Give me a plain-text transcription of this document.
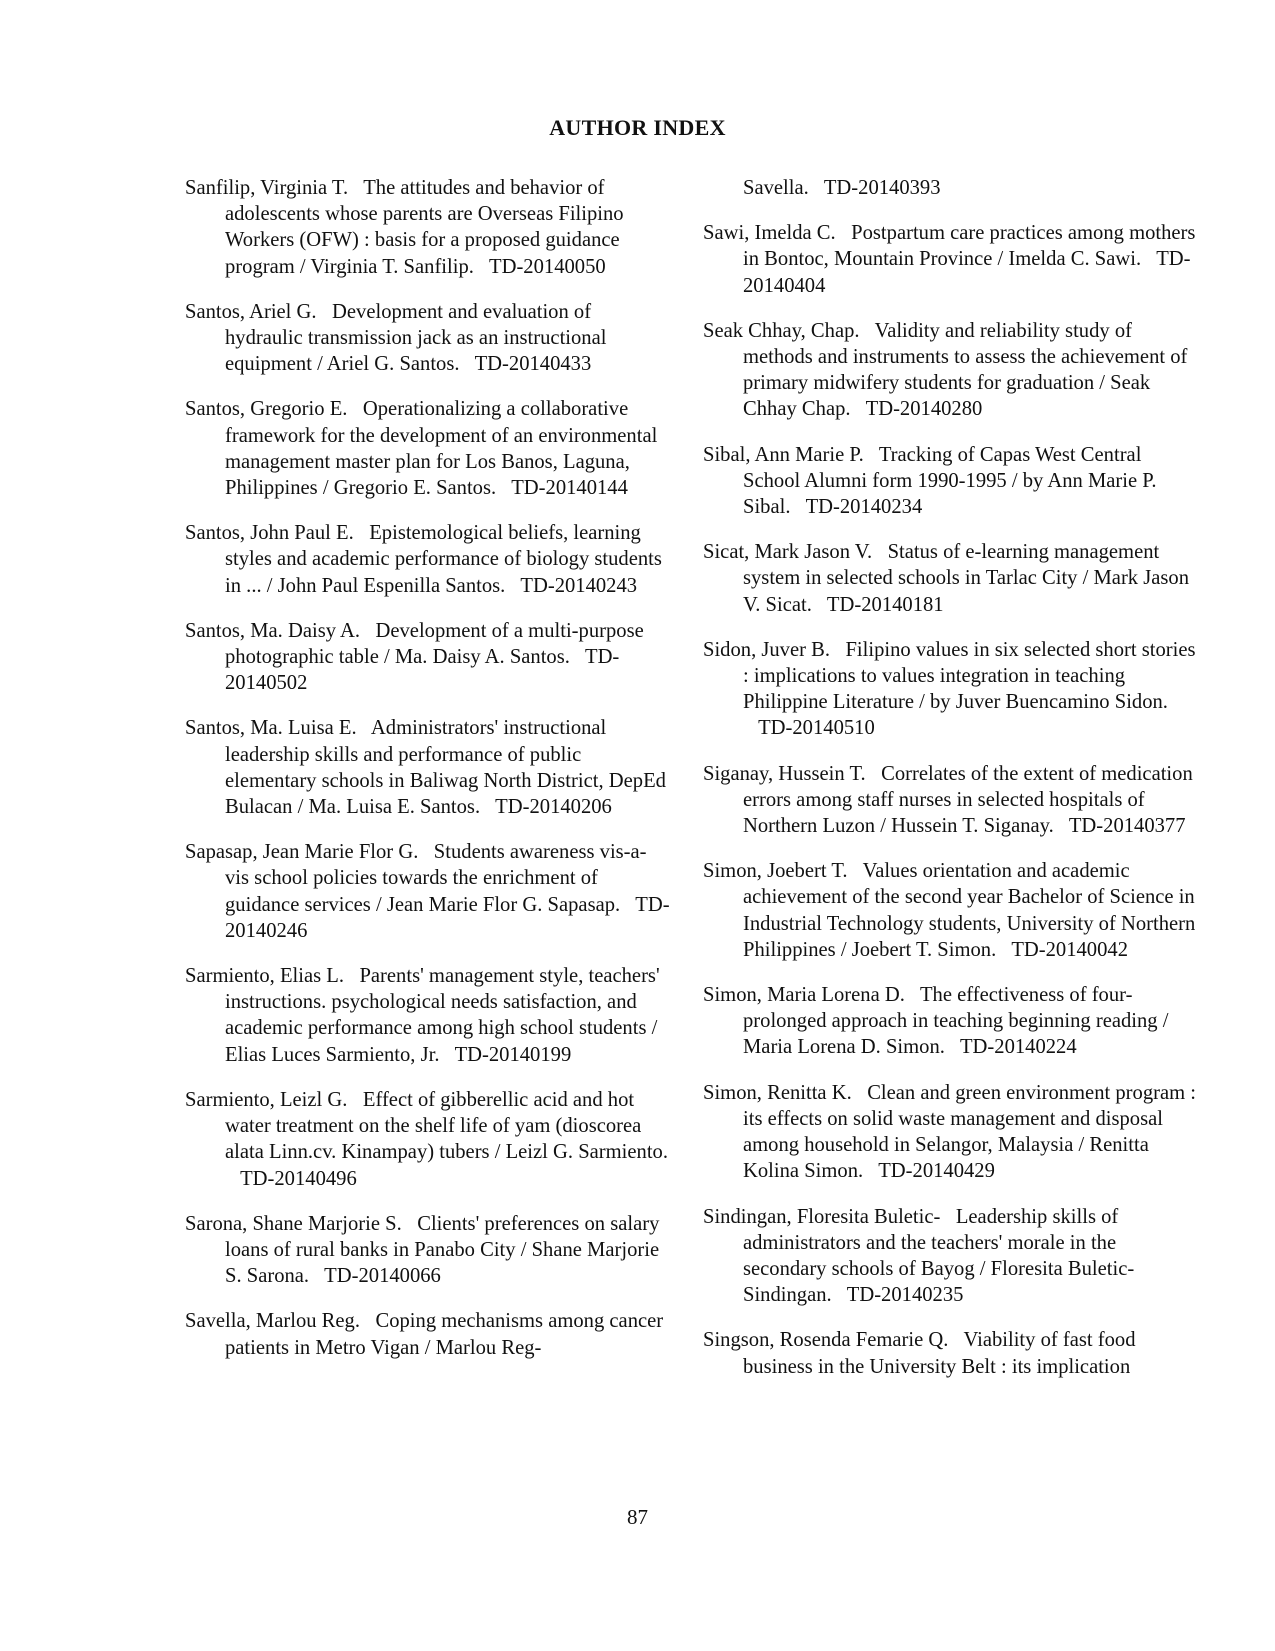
AUTHOR INDEX

Sanfilip, Virginia T. The attitudes and behavior of adolescents whose parents are Overseas Filipino Workers (OFW) : basis for a proposed guidance program / Virginia T. Sanfilip. TD-20140050

Santos, Ariel G. Development and evaluation of hydraulic transmission jack as an instructional equipment / Ariel G. Santos. TD-20140433

Santos, Gregorio E. Operationalizing a collaborative framework for the development of an environmental management master plan for Los Banos, Laguna, Philippines / Gregorio E. Santos. TD-20140144

Santos, John Paul E. Epistemological beliefs, learning styles and academic performance of biology students in ... / John Paul Espenilla Santos. TD-20140243

Santos, Ma. Daisy A. Development of a multi-purpose photographic table / Ma. Daisy A. Santos. TD-20140502

Santos, Ma. Luisa E. Administrators' instructional leadership skills and performance of public elementary schools in Baliwag North District, DepEd Bulacan / Ma. Luisa E. Santos. TD-20140206

Sapasap, Jean Marie Flor G. Students awareness vis-a-vis school policies towards the enrichment of guidance services / Jean Marie Flor G. Sapasap. TD-20140246

Sarmiento, Elias L. Parents' management style, teachers' instructions. psychological needs satisfaction, and academic performance among high school students / Elias Luces Sarmiento, Jr. TD-20140199

Sarmiento, Leizl G. Effect of gibberellic acid and hot water treatment on the shelf life of yam (dioscorea alata Linn.cv. Kinampay) tubers / Leizl G. Sarmiento.   TD-20140496

Sarona, Shane Marjorie S. Clients' preferences on salary loans of rural banks in Panabo City / Shane Marjorie S. Sarona. TD-20140066

Savella, Marlou Reg. Coping mechanisms among cancer patients in Metro Vigan / Marlou Reg-

Savella. TD-20140393

Sawi, Imelda C. Postpartum care practices among mothers in Bontoc, Mountain Province / Imelda C. Sawi. TD-20140404

Seak Chhay, Chap. Validity and reliability study of methods and instruments to assess the achievement of primary midwifery students for graduation / Seak Chhay Chap. TD-20140280

Sibal, Ann Marie P. Tracking of Capas West Central School Alumni form 1990-1995 / by Ann Marie P. Sibal. TD-20140234

Sicat, Mark Jason V. Status of e-learning management system in selected schools in Tarlac City / Mark Jason V. Sicat. TD-20140181

Sidon, Juver B. Filipino values in six selected short stories : implications to values integration in teaching Philippine Literature / by Juver Buencamino Sidon.   TD-20140510

Siganay, Hussein T. Correlates of the extent of medication errors among staff nurses in selected hospitals of Northern Luzon / Hussein T. Siganay. TD-20140377

Simon, Joebert T. Values orientation and academic achievement of the second year Bachelor of Science in Industrial Technology students, University of Northern Philippines / Joebert T. Simon. TD-20140042

Simon, Maria Lorena D. The effectiveness of four-prolonged approach in teaching beginning reading / Maria Lorena D. Simon. TD-20140224

Simon, Renitta K. Clean and green environment program : its effects on solid waste management and disposal among household in Selangor, Malaysia / Renitta Kolina Simon. TD-20140429

Sindingan, Floresita Buletic- Leadership skills of administrators and the teachers' morale in the secondary schools of Bayog / Floresita Buletic-Sindingan. TD-20140235

Singson, Rosenda Femarie Q. Viability of fast food business in the University Belt : its implication

87
